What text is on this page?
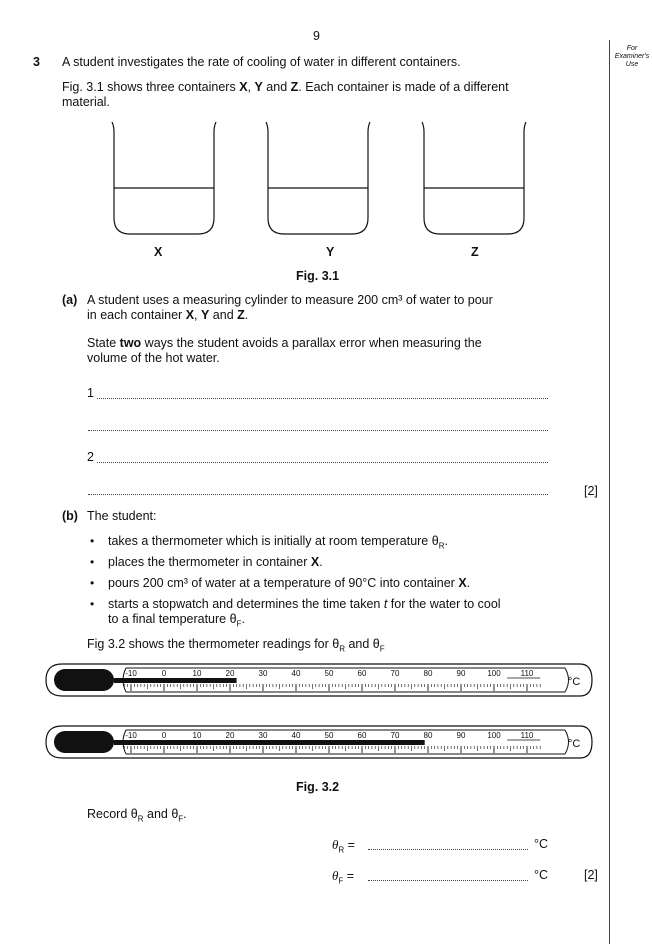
9
For
Examiner's
Use
3 A student investigates the rate of cooling of water in different containers.
Fig. 3.1 shows three containers X, Y and Z. Each container is made of a different
material.
X	Y	Z
Fig. 3.1
(a) A student uses a measuring cylinder to measure 200 cm³ of water to pour
in each container X, Y and Z.
State two ways the student avoids a parallax error when measuring the
volume of the hot water.
1
2
[2]
(b) The student:
• takes a thermometer which is initially at room temperature $\theta_R$.
• places the thermometer in container X.
• pours 200 cm³ of water at a temperature of 90°C into container X.
• starts a stopwatch and determines the time taken t for the water to cool
to a final temperature $\theta_F$.
Fig 3.2 shows the thermometer readings for $\theta_R$ and $\theta_F$
-10	0	10	20	30	40	50	60	70	80	90	100 110
°C
-10	0	10	20	30	40	50	60	70	80	90	100 110
°C
Fig. 3.2
Record $\theta_R$ and $\theta_F$.
$\theta_R$ =	°C
$\theta_F$ =	°C	[2]
